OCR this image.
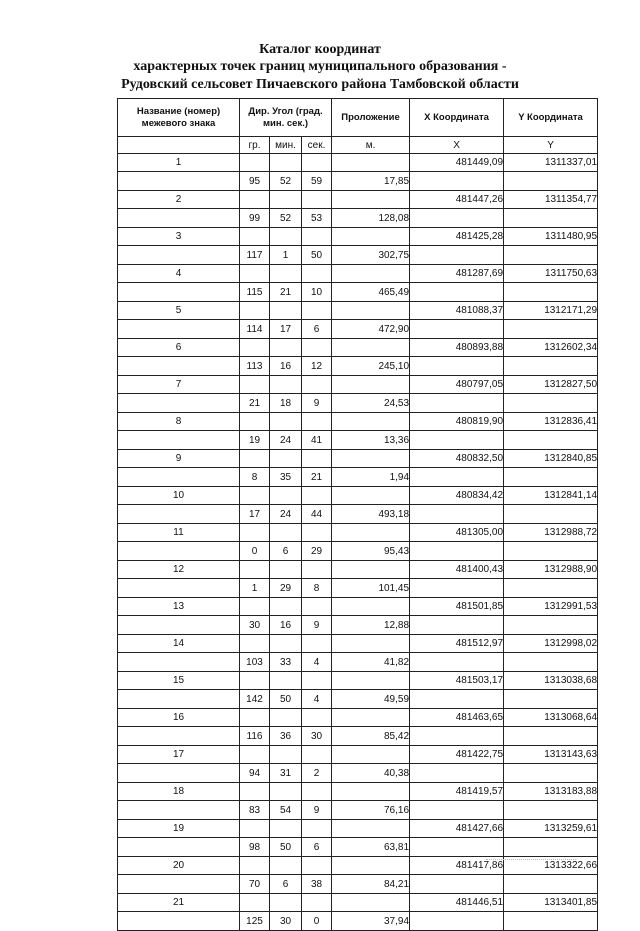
Каталог координат
характерных точек границ муниципального образования -
Рудовский сельсовет Пичаевского района Тамбовской области
Название (номер) межевого знака	Дир. Угол (град. мин. сек.)			Проложение	X Координата	Y Координата
	гр.	мин.	сек.	м.	X	Y
1					481449,09	1311337,01
	95	52	59	17,85		
2					481447,26	1311354,77
	99	52	53	128,08		
3					481425,28	1311480,95
	117	1	50	302,75		
4					481287,69	1311750,63
	115	21	10	465,49		
5					481088,37	1312171,29
	114	17	6	472,90		
6					480893,88	1312602,34
	113	16	12	245,10		
7					480797,05	1312827,50
	21	18	9	24,53		
8					480819,90	1312836,41
	19	24	41	13,36		
9					480832,50	1312840,85
	8	35	21	1,94		
10					480834,42	1312841,14
	17	24	44	493,18		
11					481305,00	1312988,72
	0	6	29	95,43		
12					481400,43	1312988,90
	1	29	8	101,45		
13					481501,85	1312991,53
	30	16	9	12,88		
14					481512,97	1312998,02
	103	33	4	41,82		
15					481503,17	1313038,68
	142	50	4	49,59		
16					481463,65	1313068,64
	116	36	30	85,42		
17					481422,75	1313143,63
	94	31	2	40,38		
18					481419,57	1313183,88
	83	54	9	76,16		
19					481427,66	1313259,61
	98	50	6	63,81		
20					481417,86	1313322,66
	70	6	38	84,21		
21					481446,51	1313401,85
	125	30	0	37,94		
